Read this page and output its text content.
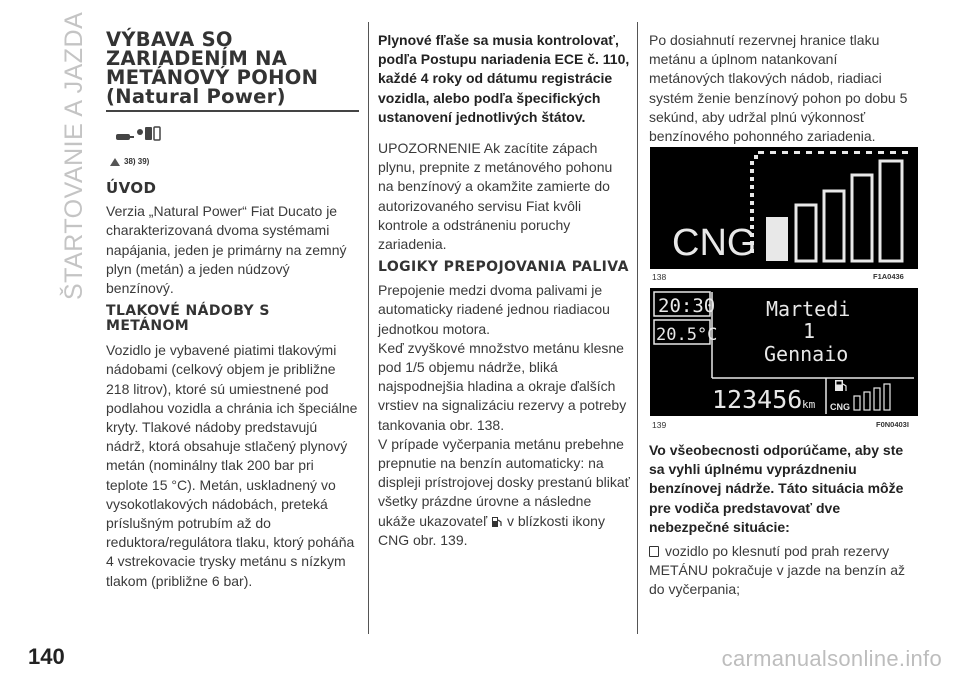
ŠTARTOVANIE A JAZDA VÝBAVA SO ZARIADENÍM NA METÁNOVÝ POHON (Natural Power)
38) 39)
ÚVOD

Verzia „Natural Power“ Fiat Ducato je charakterizovaná dvoma systémami napájania, jeden je primárny na zemný plyn (metán) a jeden núdzový benzínový.

TLAKOVÉ NÁDOBY S METÁNOM

Vozidlo je vybavené piatimi tlakovými nádobami (celkový objem je približne 218 litrov), ktoré sú umiestnené pod podlahou vozidla a chránia ich špeciálne kryty. Tlakové nádoby predstavujú nádrž, ktorá obsahuje stlačený plynový metán (nominálny tlak 200 bar pri teplote 15 °C). Metán, uskladnený vo vysokotlakových nádobách, preteká príslušným potrubím až do reduktora/regulátora tlaku, ktorý poháňa 4 vstrekovacie trysky metánu s nízkym tlakom (približne 6 bar).

Plynové fľaše sa musia kontrolovať, podľa Postupu nariadenia ECE č. 110, každé 4 roky od dátumu registrácie vozidla, alebo podľa špecifických ustanovení jednotlivých štátov.

UPOZORNENIE Ak zacítite zápach plynu, prepnite z metánového pohonu na benzínový a okamžite zamierte do autorizovaného servisu Fiat kvôli kontrole a odstráneniu poruchy zariadenia.

LOGIKY PREPOJOVANIA PALIVA

Prepojenie medzi dvoma palivami je automaticky riadené jednou riadiacou jednotkou motora.

Keď zvyškové množstvo metánu klesne pod 1/5 objemu nádrže, bliká najspodnejšia hladina a okraje ďalších vrstiev na signalizáciu rezervy a potreby tankovania obr. 138.

V prípade vyčerpania metánu prebehne prepnutie na benzín automaticky: na displeji prístrojovej dosky prestanú blikať všetky prázdne úrovne a následne ukáže ukazovateľ v blízkosti ikony CNG obr. 139.

Po dosiahnutí rezervnej hranice tlaku metánu a úplnom natankovaní metánových tlakových nádob, riadiaci systém ženie benzínový pohon po dobu 5 sekúnd, aby udržal plnú výkonnosť benzínového pohonného zariadenia.

CNG
138	F1A0436
20:30
20.5°C
Martedi
1
Gennaio
123456 km CNG
139	F0N0403I

Vo všeobecnosti odporúčame, aby ste sa vyhli úplnému vyprázdneniu benzínovej nádrže. Táto situácia môže pre vodiča predstavovať dve nebezpečné situácie:

vozidlo po klesnutí pod prah rezervy METÁNU pokračuje v jazde na benzín až do vyčerpania;

140	carmanualsonline.info
